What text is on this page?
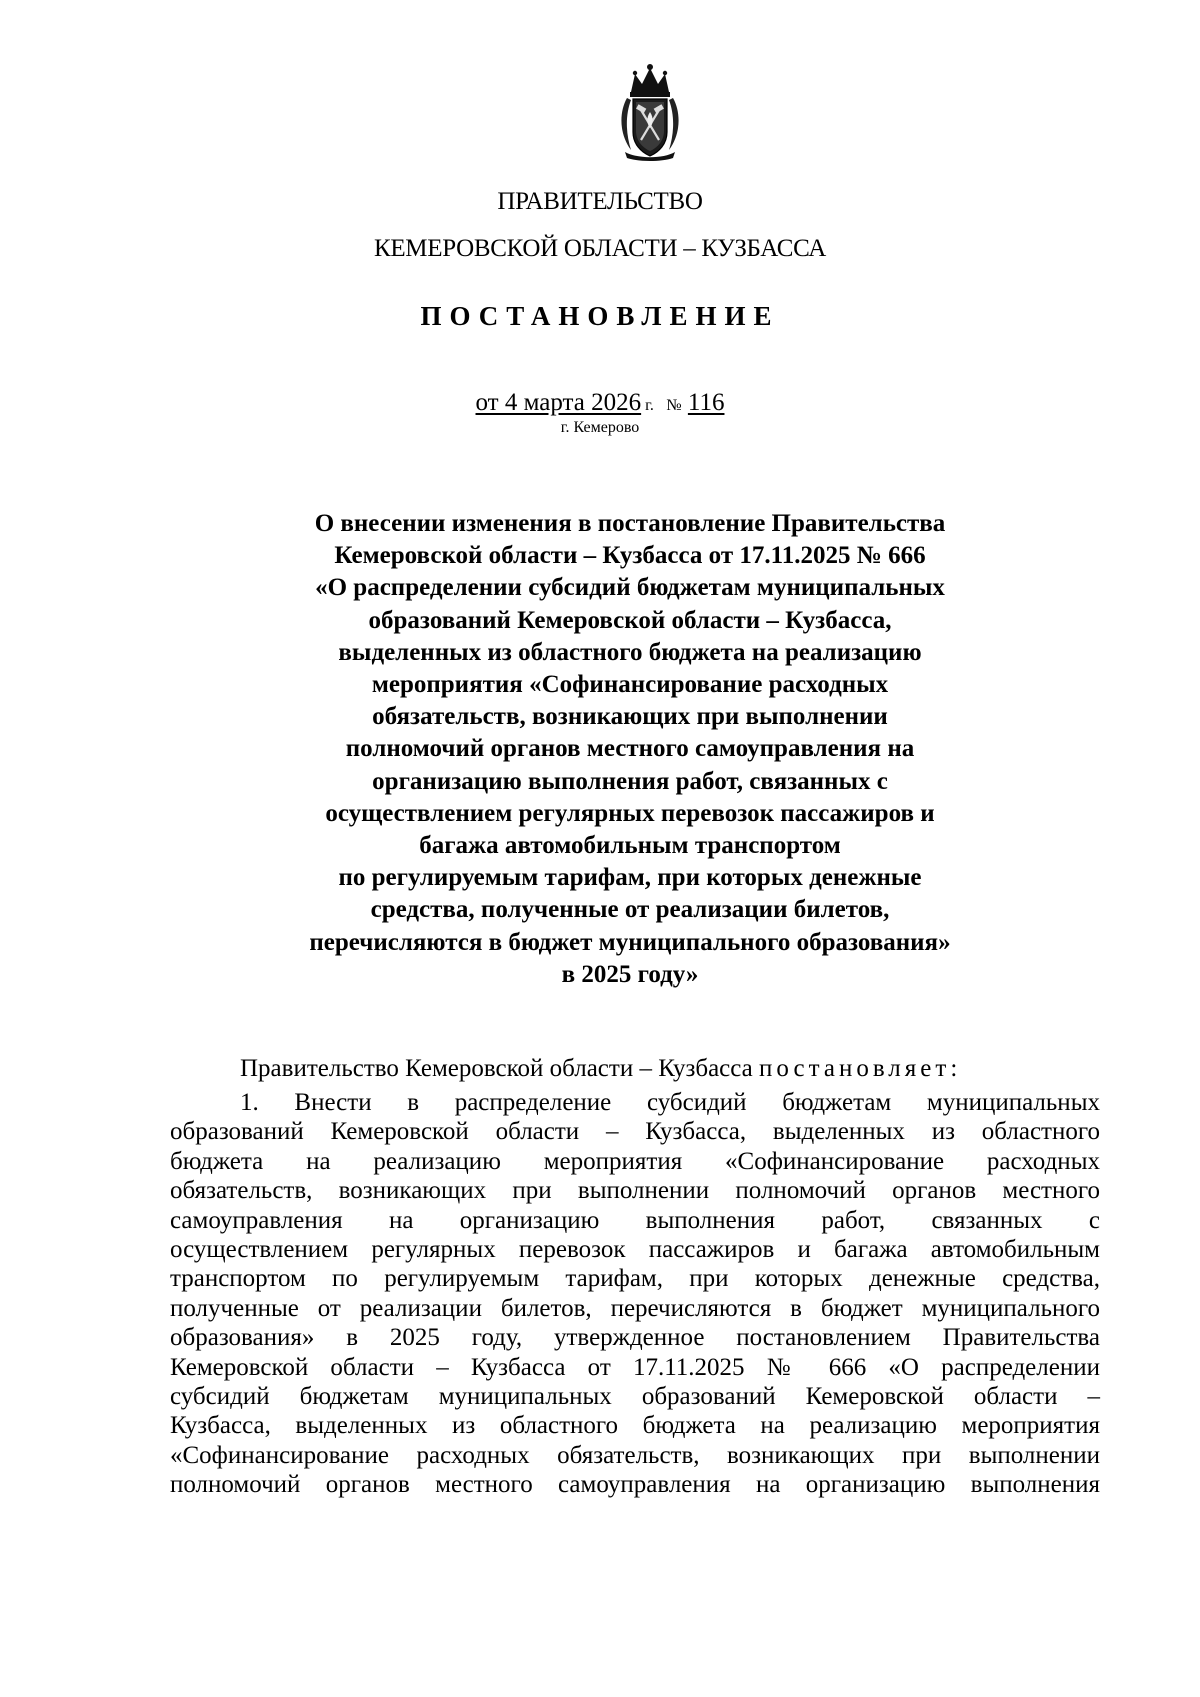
ПРАВИТЕЛЬСТВО
КЕМЕРОВСКОЙ ОБЛАСТИ – КУЗБАССА
ПОСТАНОВЛЕНИЕ
от 4 марта 2026 г. № 116
г. Кемерово
О внесении изменения в постановление Правительства
Кемеровской области – Кузбасса от 17.11.2025 № 666
«О распределении субсидий бюджетам муниципальных
образований Кемеровской области – Кузбасса,
выделенных из областного бюджета на реализацию
мероприятия «Софинансирование расходных
обязательств, возникающих при выполнении
полномочий органов местного самоуправления на
организацию выполнения работ, связанных с
осуществлением регулярных перевозок пассажиров и
багажа автомобильным транспортом
по регулируемым тарифам, при которых денежные
средства, полученные от реализации билетов,
перечисляются в бюджет муниципального образования»
в 2025 году»
Правительство Кемеровской области – Кузбасса постановляет:

1. Внести в распределение субсидий бюджетам муниципальных
образований Кемеровской области – Кузбасса, выделенных из областного
бюджета на реализацию мероприятия «Софинансирование расходных
обязательств, возникающих при выполнении полномочий органов местного
самоуправления на организацию выполнения работ, связанных с
осуществлением регулярных перевозок пассажиров и багажа автомобильным
транспортом по регулируемым тарифам, при которых денежные средства,
полученные от реализации билетов, перечисляются в бюджет муниципального
образования» в 2025 году, утвержденное постановлением Правительства
Кемеровской области – Кузбасса от 17.11.2025 № 666 «О распределении
субсидий бюджетам муниципальных образований Кемеровской области –
Кузбасса, выделенных из областного бюджета на реализацию мероприятия
«Софинансирование расходных обязательств, возникающих при выполнении
полномочий органов местного самоуправления на организацию выполнения
